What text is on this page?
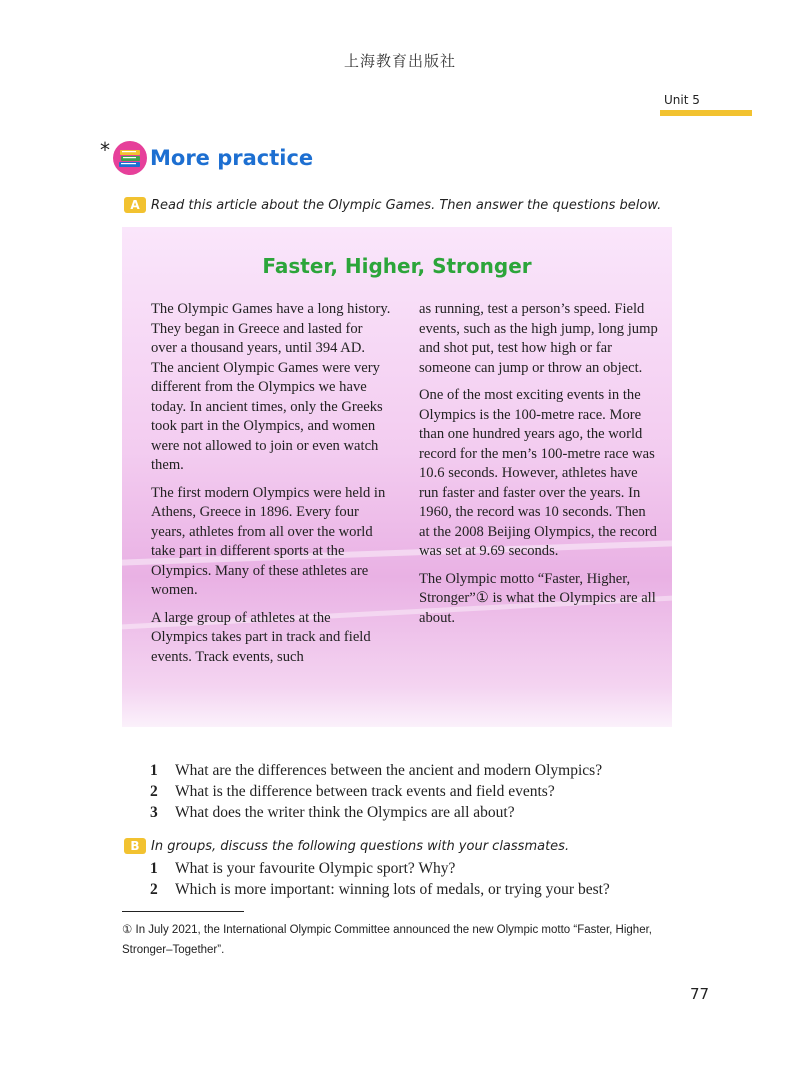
上海教育出版社
Unit 5
* More practice
A Read this article about the Olympic Games. Then answer the questions below.
Faster, Higher, Stronger

The Olympic Games have a long history. They began in Greece and lasted for over a thousand years, until 394 AD. The ancient Olympic Games were very different from the Olympics we have today. In ancient times, only the Greeks took part in the Olympics, and women were not allowed to join or even watch them.

The first modern Olympics were held in Athens, Greece in 1896. Every four years, athletes from all over the world take part in different sports at the Olympics. Many of these athletes are women.

A large group of athletes at the Olympics takes part in track and field events. Track events, such

as running, test a person’s speed. Field events, such as the high jump, long jump and shot put, test how high or far someone can jump or throw an object.

One of the most exciting events in the Olympics is the 100-metre race. More than one hundred years ago, the world record for the men’s 100-metre race was 10.6 seconds. However, athletes have run faster and faster over the years. In 1960, the record was 10 seconds. Then at the 2008 Beijing Olympics, the record was set at 9.69 seconds.

The Olympic motto “Faster, Higher, Stronger”① is what the Olympics are all about.

1	What are the differences between the ancient and modern Olympics?
2	What is the difference between track events and field events?
3	What does the writer think the Olympics are all about?
B In groups, discuss the following questions with your classmates.
1	What is your favourite Olympic sport? Why?
2	Which is more important: winning lots of medals, or trying your best?
① In July 2021, the International Olympic Committee announced the new Olympic motto “Faster, Higher, Stronger–Together”.
77
